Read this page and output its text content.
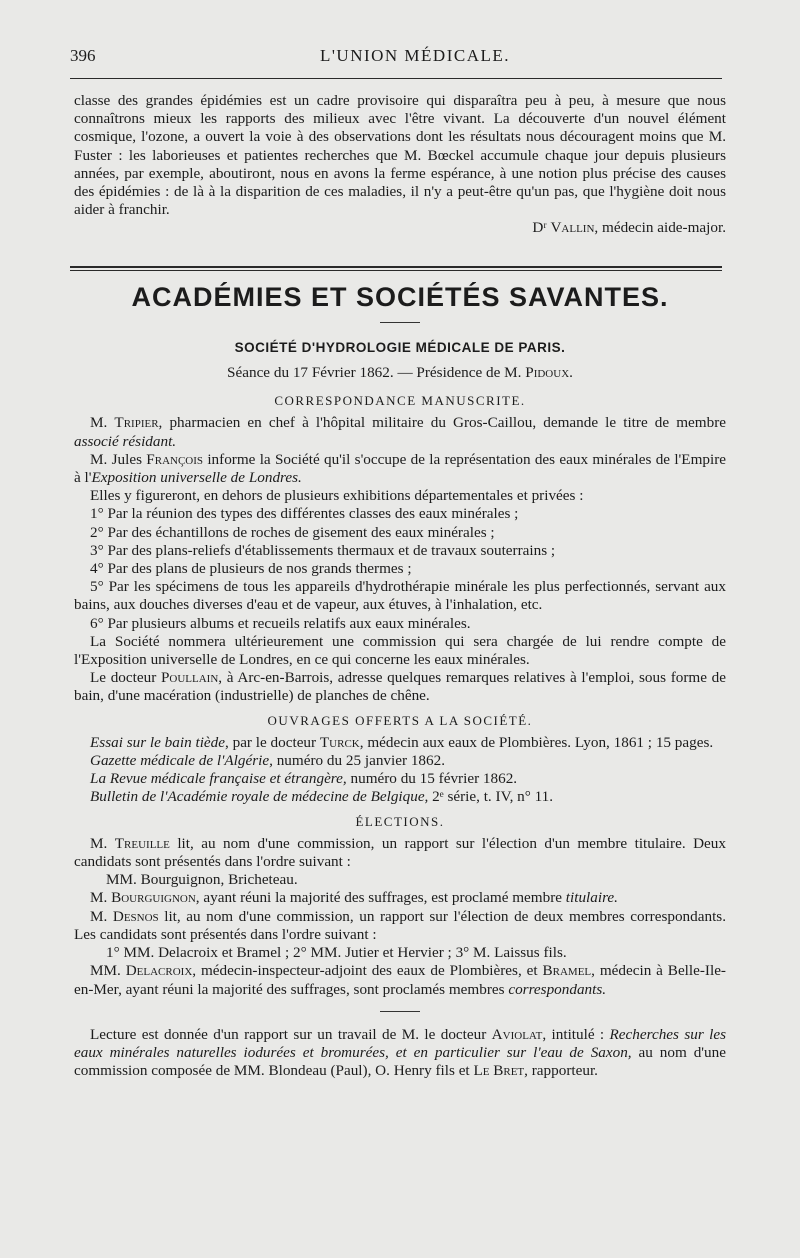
396	L'UNION MÉDICALE.

classe des grandes épidémies est un cadre provisoire qui disparaîtra peu à peu, à mesure que nous connaîtrons mieux les rapports des milieux avec l'être vivant. La découverte d'un nouvel élément cosmique, l'ozone, a ouvert la voie à des observations dont les résultats nous découragent moins que M. Fuster : les laborieuses et patientes recherches que M. Bœckel accumule chaque jour depuis plusieurs années, par exemple, aboutiront, nous en avons la ferme espérance, à une notion plus précise des causes des épidémies : de là à la disparition de ces maladies, il n'y a peut-être qu'un pas, que l'hygiène doit nous aider à franchir.

Dʳ Vallin, médecin aide-major.

ACADÉMIES ET SOCIÉTÉS SAVANTES.
SOCIÉTÉ D'HYDROLOGIE MÉDICALE DE PARIS.

Séance du 17 Février 1862. — Présidence de M. Pidoux.

CORRESPONDANCE MANUSCRITE.

M. Tripier, pharmacien en chef à l'hôpital militaire du Gros-Caillou, demande le titre de membre associé résidant.

M. Jules François informe la Société qu'il s'occupe de la représentation des eaux minérales de l'Empire à l'Exposition universelle de Londres.

Elles y figureront, en dehors de plusieurs exhibitions départementales et privées :

1° Par la réunion des types des différentes classes des eaux minérales ;

2° Par des échantillons de roches de gisement des eaux minérales ;

3° Par des plans-reliefs d'établissements thermaux et de travaux souterrains ;

4° Par des plans de plusieurs de nos grands thermes ;

5° Par les spécimens de tous les appareils d'hydrothérapie minérale les plus perfectionnés, servant aux bains, aux douches diverses d'eau et de vapeur, aux étuves, à l'inhalation, etc.

6° Par plusieurs albums et recueils relatifs aux eaux minérales.

La Société nommera ultérieurement une commission qui sera chargée de lui rendre compte de l'Exposition universelle de Londres, en ce qui concerne les eaux minérales.

Le docteur Poullain, à Arc-en-Barrois, adresse quelques remarques relatives à l'emploi, sous forme de bain, d'une macération (industrielle) de planches de chêne.

OUVRAGES OFFERTS A LA SOCIÉTÉ.

Essai sur le bain tiède, par le docteur Turck, médecin aux eaux de Plombières. Lyon, 1861 ; 15 pages.

Gazette médicale de l'Algérie, numéro du 25 janvier 1862.

La Revue médicale française et étrangère, numéro du 15 février 1862.

Bulletin de l'Académie royale de médecine de Belgique, 2ᵉ série, t. IV, n° 11.

ÉLECTIONS.

M. Treuille lit, au nom d'une commission, un rapport sur l'élection d'un membre titulaire. Deux candidats sont présentés dans l'ordre suivant :

MM. Bourguignon, Bricheteau.

M. Bourguignon, ayant réuni la majorité des suffrages, est proclamé membre titulaire.

M. Desnos lit, au nom d'une commission, un rapport sur l'élection de deux membres correspondants. Les candidats sont présentés dans l'ordre suivant :

1° MM. Delacroix et Bramel ; 2° MM. Jutier et Hervier ; 3° M. Laissus fils.

MM. Delacroix, médecin-inspecteur-adjoint des eaux de Plombières, et Bramel, médecin à Belle-Ile-en-Mer, ayant réuni la majorité des suffrages, sont proclamés membres correspondants.

Lecture est donnée d'un rapport sur un travail de M. le docteur Aviolat, intitulé : Recherches sur les eaux minérales naturelles iodurées et bromurées, et en particulier sur l'eau de Saxon, au nom d'une commission composée de MM. Blondeau (Paul), O. Henry fils et Le Bret, rapporteur.
